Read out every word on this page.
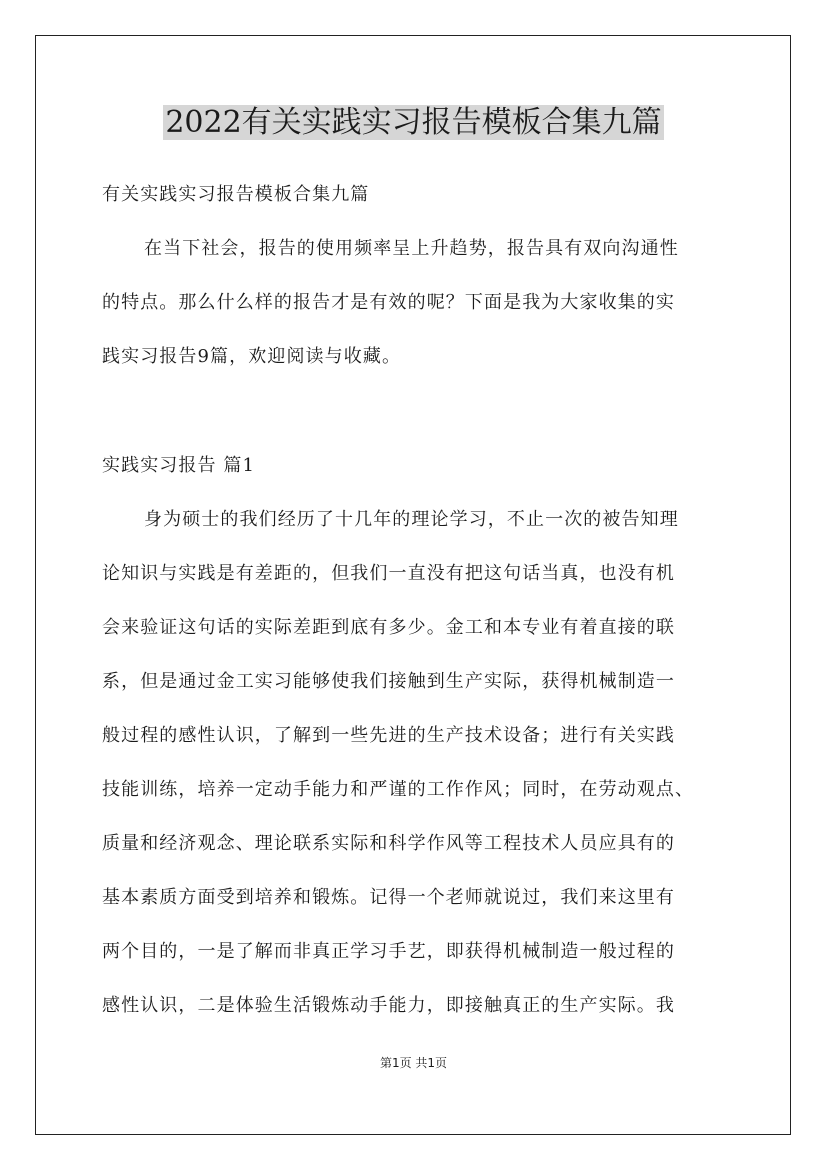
2022有关实践实习报告模板合集九篇
有关实践实习报告模板合集九篇
在当下社会，报告的使用频率呈上升趋势，报告具有双向沟通性
的特点。那么什么样的报告才是有效的呢？下面是我为大家收集的实
践实习报告9篇，欢迎阅读与收藏。
实践实习报告 篇1
身为硕士的我们经历了十几年的理论学习，不止一次的被告知理
论知识与实践是有差距的，但我们一直没有把这句话当真，也没有机
会来验证这句话的实际差距到底有多少。金工和本专业有着直接的联
系，但是通过金工实习能够使我们接触到生产实际，获得机械制造一
般过程的感性认识，了解到一些先进的生产技术设备；进行有关实践
技能训练，培养一定动手能力和严谨的工作作风；同时，在劳动观点、
质量和经济观念、理论联系实际和科学作风等工程技术人员应具有的
基本素质方面受到培养和锻炼。记得一个老师就说过，我们来这里有
两个目的，一是了解而非真正学习手艺，即获得机械制造一般过程的
感性认识，二是体验生活锻炼动手能力，即接触真正的生产实际。我
第1页 共1页
